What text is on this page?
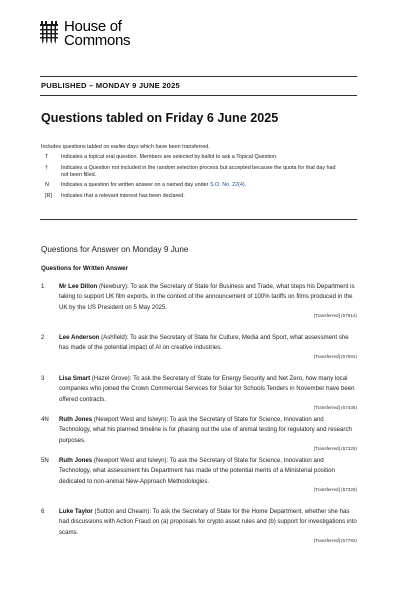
House of
Commons
PUBLISHED – MONDAY 9 JUNE 2025
Questions tabled on Friday 6 June 2025
Includes questions tabled on earlier days which have been transferred.
T	Indicates a topical oral question. Members are selected by ballot to ask a Topical Question.
†	Indicates a Question not included in the random selection process but accepted because the quota for that day had not been filled.
N	Indicates a question for written answer on a named day under S.O. No. 22(4).
[R]	Indicates that a relevant interest has been declared.
Questions for Answer on Monday 9 June
Questions for Written Answer
1	Mr Lee Dillon (Newbury): To ask the Secretary of State for Business and Trade, what steps his Department is taking to support UK film exports, in the context of the announcement of 100% tariffs on films produced in the UK by the US President on 5 May 2025.
[Transferred] (57914)
2	Lee Anderson (Ashfield): To ask the Secretary of State for Culture, Media and Sport, what assessment she has made of the potential impact of AI on creative industries.
[Transferred] (57691)
3	Lisa Smart (Hazel Grove): To ask the Secretary of State for Energy Security and Net Zero, how many local companies who joined the Crown Commercial Services for Solar for Schools Tenders in November have been offered contracts.
[Transferred] (57435)
4N	Ruth Jones (Newport West and Islwyn): To ask the Secretary of State for Science, Innovation and Technology, what his planned timeline is for phasing out the use of animal testing for regulatory and research purposes.
[Transferred] (57325)
5N	Ruth Jones (Newport West and Islwyn): To ask the Secretary of State for Science, Innovation and Technology, what assessment his Department has made of the potential merits of a Ministerial position dedicated to non-animal New-Approach Methodologies.
[Transferred] (57326)
6	Luke Taylor (Sutton and Cheam): To ask the Secretary of State for the Home Department, whether she has had discussions with Action Fraud on (a) proposals for crypto asset rules and (b) support for investigations into scams.
[Transferred] (57792)
